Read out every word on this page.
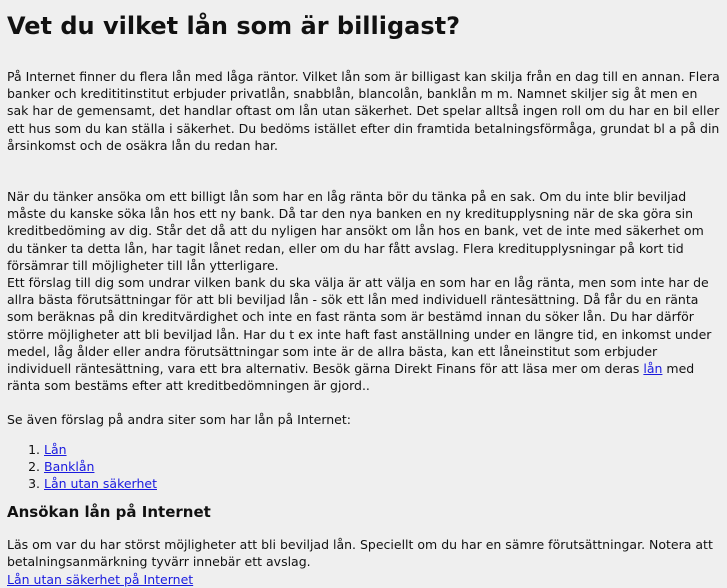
Vet du vilket lån som är billigast?

På Internet finner du flera lån med låga räntor. Vilket lån som är billigast kan skilja från en dag till en annan. Flera banker och kredititinstitut erbjuder privatlån, snabblån, blancolån, banklån m m. Namnet skiljer sig åt men en sak har de gemensamt, det handlar oftast om lån utan säkerhet. Det spelar alltså ingen roll om du har en bil eller ett hus som du kan ställa i säkerhet. Du bedöms istället efter din framtida betalningsförmåga, grundat bl a på din årsinkomst och de osäkra lån du redan har.

När du tänker ansöka om ett billigt lån som har en låg ränta bör du tänka på en sak. Om du inte blir beviljad måste du kanske söka lån hos ett ny bank. Då tar den nya banken en ny kreditupplysning när de ska göra sin kreditbedöming av dig. Står det då att du nyligen har ansökt om lån hos en bank, vet de inte med säkerhet om du tänker ta detta lån, har tagit lånet redan, eller om du har fått avslag. Flera kreditupplysningar på kort tid försämrar till möjligheter till lån ytterligare.
Ett förslag till dig som undrar vilken bank du ska välja är att välja en som har en låg ränta, men som inte har de allra bästa förutsättningar för att bli beviljad lån - sök ett lån med individuell räntesättning. Då får du en ränta som beräknas på din kreditvärdighet och inte en fast ränta som är bestämd innan du söker lån. Du har därför större möjligheter att bli beviljad lån. Har du t ex inte haft fast anställning under en längre tid, en inkomst under medel, låg ålder eller andra förutsättningar som inte är de allra bästa, kan ett låneinstitut som erbjuder individuell räntesättning, vara ett bra alternativ. Besök gärna Direkt Finans för att läsa mer om deras lån med ränta som bestäms efter att kreditbedömningen är gjord..

Se även förslag på andra siter som har lån på Internet:

1. Lån
2. Banklån
3. Lån utan säkerhet
Ansökan lån på Internet

Läs om var du har störst möjligheter att bli beviljad lån. Speciellt om du har en sämre förutsättningar. Notera att betalningsanmärkning tyvärr innebär ett avslag.
Lån utan säkerhet på Internet
